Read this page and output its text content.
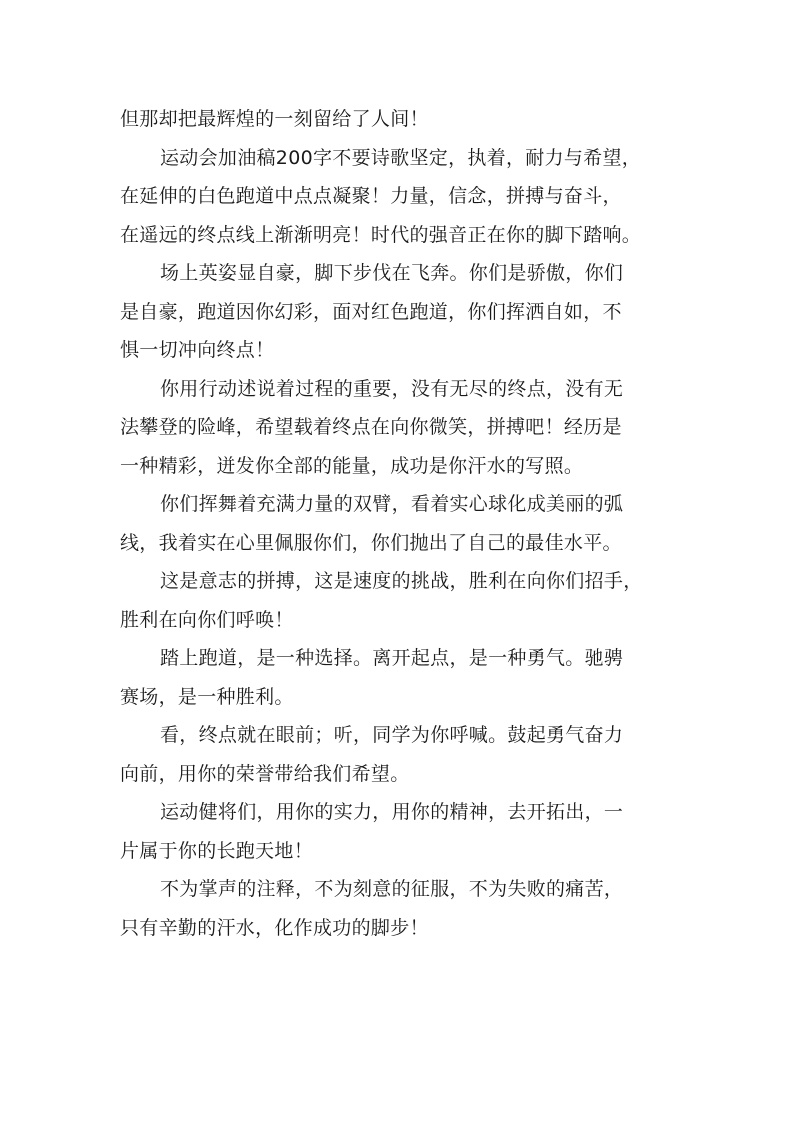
但那却把最辉煌的一刻留给了人间！
运动会加油稿200字不要诗歌坚定，执着，耐力与希望，
在延伸的白色跑道中点点凝聚！力量，信念，拼搏与奋斗，
在遥远的终点线上渐渐明亮！时代的强音正在你的脚下踏响。
场上英姿显自豪，脚下步伐在飞奔。你们是骄傲，你们
是自豪，跑道因你幻彩，面对红色跑道，你们挥洒自如，不
惧一切冲向终点！
你用行动述说着过程的重要，没有无尽的终点，没有无
法攀登的险峰，希望载着终点在向你微笑，拼搏吧！经历是
一种精彩，迸发你全部的能量，成功是你汗水的写照。
你们挥舞着充满力量的双臂，看着实心球化成美丽的弧
线，我着实在心里佩服你们，你们抛出了自己的最佳水平。
这是意志的拼搏，这是速度的挑战，胜利在向你们招手，
胜利在向你们呼唤！
踏上跑道，是一种选择。离开起点，是一种勇气。驰骋
赛场，是一种胜利。
看，终点就在眼前；听，同学为你呼喊。鼓起勇气奋力
向前，用你的荣誉带给我们希望。
运动健将们，用你的实力，用你的精神，去开拓出，一
片属于你的长跑天地！
不为掌声的注释，不为刻意的征服，不为失败的痛苦，
只有辛勤的汗水，化作成功的脚步！
